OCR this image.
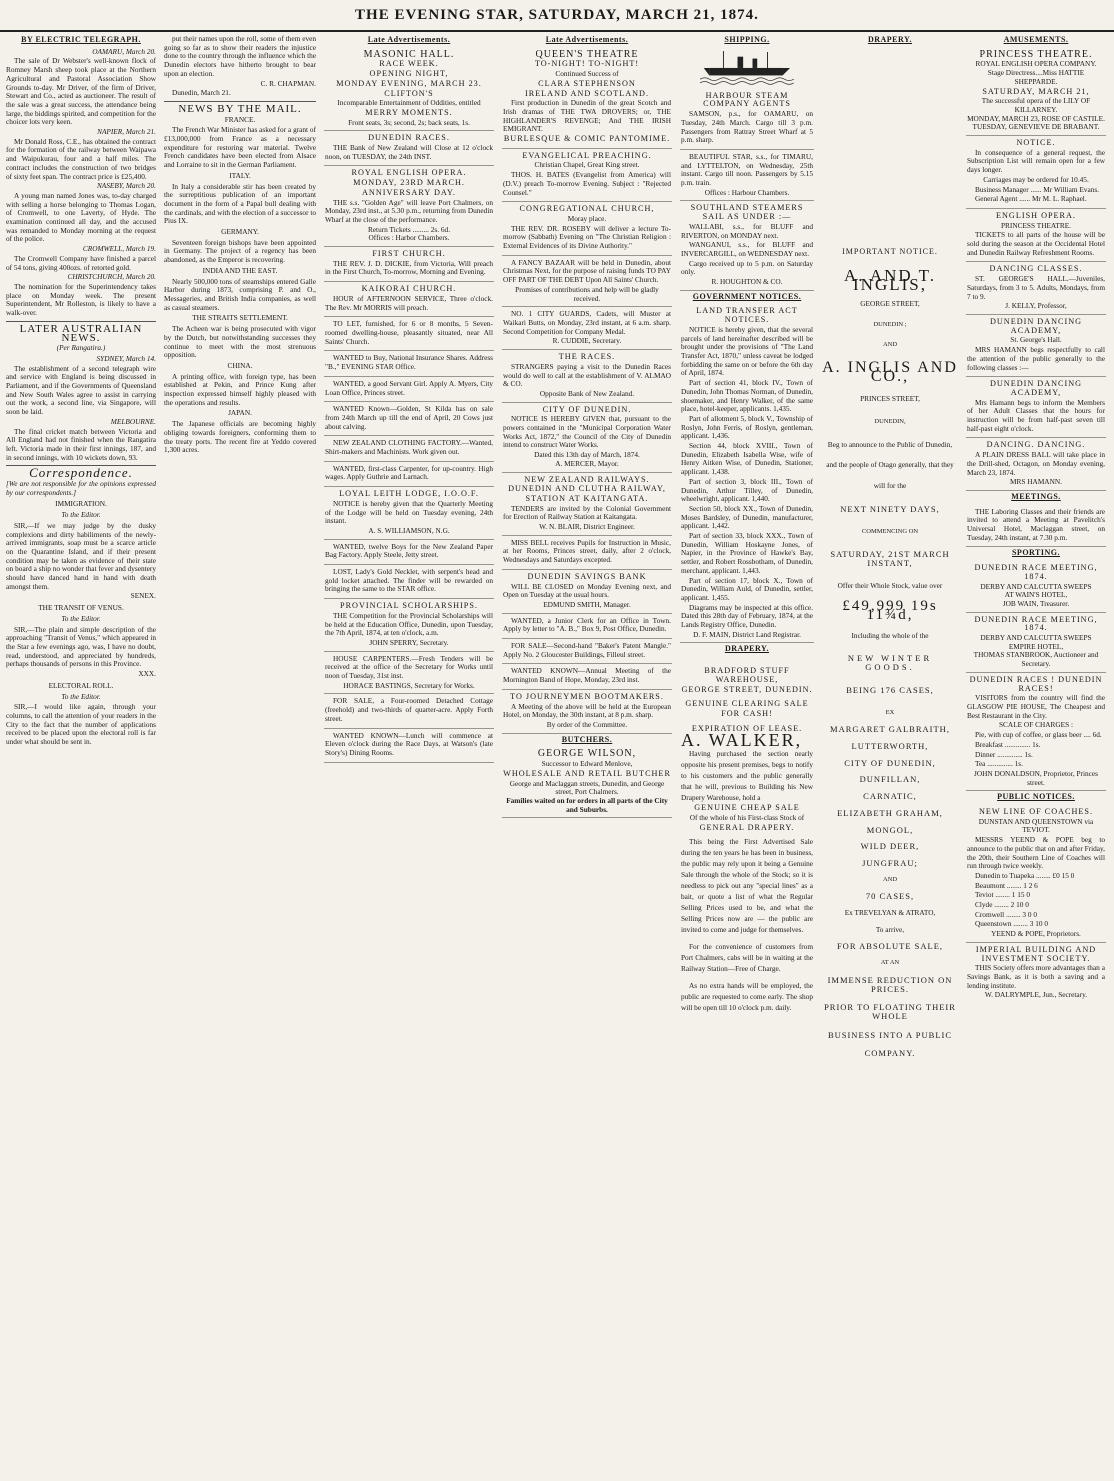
THE EVENING STAR, SATURDAY, MARCH 21, 1874.
BY ELECTRIC TELEGRAPH.
OAMARU, March 20.
The sale of Dr Webster's well-known flock of Romney Marsh sheep took place at the Northern Agricultural and Pastoral Association Show Grounds to-day. Mr Driver, of the firm of Driver, Stewart and Co., acted as auctioneer. The result of the sale was a great success, the attendance being large, the biddings spirited, and competition for the choicer lots very keen.
NAPIER, March 21.
Mr Donald Ross, C.E., has obtained the contract for the formation of the railway between Waipawa and Waipukurau, four and a half miles. The contract includes the construction of two bridges of sixty feet span. The contract price is £25,400.
NASEBY, March 20.
A young man named Jones was, to-day charged with selling a horse belonging to Thomas Logan, of Cromwell, to one Laverty, of Hyde. The examination continued all day, and the accused was remanded to Monday morning at the request of the police.
CROMWELL, March 19.
The Cromwell Company have finished a parcel of 54 tons, giving 400ozs. of retorted gold.
CHRISTCHURCH, March 20.
The nomination for the Superintendency takes place on Monday week. The present Superintendent, Mr Rolleston, is likely to have a walk-over.
LATER AUSTRALIAN NEWS.
(Per Rangatira.)
SYDNEY, March 14.
The establishment of a second telegraph wire and service with England is being discussed in Parliament, and if the Governments of Queensland and New South Wales agree to assist in carrying out the work, a second line, via Singapore, will soon be laid.
MELBOURNE.
The final cricket match between Victoria and All England had not finished when the Rangatira left. Victoria made in their first innings, 187, and in second innings, with 10 wickets down, 93.
Correspondence.
[We are not responsible for the opinions expressed by our correspondents.]
IMMIGRATION.
To the Editor.
SIR,—If we may judge by the dusky complexions and dirty habiliments of the newly-arrived immigrants, soap must be a scarce article on the Quarantine Island, and if their present condition may be taken as evidence of their state on board a ship no wonder that fever and dysentery should have danced hand in hand with death amongst them.
SENEX.
THE TRANSIT OF VENUS.
To the Editor.
SIR,—The plain and simple description of the approaching "Transit of Venus," which appeared in the Star a few evenings ago, was, I have no doubt, read, understood, and appreciated by hundreds, perhaps thousands of persons in this Province.
XXX.
ELECTORAL ROLL.
To the Editor.
SIR,—I would like again, through your columns, to call the attention of your readers in the City to the fact that the number of applications received to be placed upon the electoral roll is far under what should be sent in.
put their names upon the roll, some of them even going so far as to show their readers the injustice done to the country through the influence which the Dunedin electors have hitherto brought to bear upon an election.
C. R. CHAPMAN.
Dunedin, March 21.
NEWS BY THE MAIL.
FRANCE.
The French War Minister has asked for a grant of £13,000,000 from France as a necessary expenditure for restoring war material. Twelve French candidates have been elected from Alsace and Lorraine to sit in the German Parliament.
ITALY.
In Italy a considerable stir has been created by the surreptitious publication of an important document in the form of a Papal bull dealing with the cardinals, and with the election of a successor to Pius IX.
GERMANY.
Seventeen foreign bishops have been appointed in Germany. The project of a regency has been abandoned, as the Emperor is recovering.
INDIA AND THE EAST.
Nearly 500,000 tons of steamships entered Galle Harbor during 1873, comprising P. and O., Messageries, and British India companies, as well as casual steamers.
THE STRAITS SETTLEMENT.
The Acheen war is being prosecuted with vigor by the Dutch, but notwithstanding successes they continue to meet with the most strenuous opposition.
CHINA.
A printing office, with foreign type, has been established at Pekin, and Prince Kung after inspection expressed himself highly pleased with the operations and results.
JAPAN.
The Japanese officials are becoming highly obliging towards foreigners, conforming them to the treaty ports. The recent fire at Yeddo covered 1,300 acres.
Late Advertisements.
MASONIC HALL.
RACE WEEK.
OPENING NIGHT,
MONDAY EVENING, MARCH 23.
CLIFTON'S
Incomparable Entertainment of Oddities, entitled
MERRY MOMENTS.
Front seats, 3s; second, 2s; back seats, 1s.
DUNEDIN RACES.
THE Bank of New Zealand will Close at 12 o'clock noon, on TUESDAY, the 24th INST.
ROYAL ENGLISH OPERA.
MONDAY, 23RD MARCH.
ANNIVERSARY DAY.
THE s.s. "Golden Age" will leave Port Chalmers, on Monday, 23rd inst., at 5.30 p.m., returning from Dunedin Wharf at the close of the performance.
Return Tickets ......... 2s. 6d.
Offices : Harbor Chambers.
FIRST CHURCH.
THE REV. J. D. DICKIE, from Victoria, Will preach in the First Church, To-morrow, Morning and Evening.
KAIKORAI CHURCH.
HOUR of AFTERNOON SERVICE, Three o'clock. The Rev. Mr MORRIS will preach.
TO LET, furnished, for 6 or 8 months, 5 Seven-roomed dwelling-house, pleasantly situated, near All Saints' Church.
WANTED to Buy, National Insurance Shares. Address "B.," EVENING STAR Office.
WANTED, a good Servant Girl. Apply A. Myers, City Loan Office, Princes street.
WANTED Known—Golden, St Kilda has on sale from 24th March up till the end of April, 20 Cows just about calving.
NEW ZEALAND CLOTHING FACTORY.—Wanted, Shirt-makers and Machinists. Work given out.
WANTED, first-class Carpenter, for up-country. High wages. Apply Guthrie and Larnach.
LOYAL LEITH LODGE, I.O.O.F.
NOTICE is hereby given that the Quarterly Meeting of the Lodge will be held on Tuesday evening, 24th instant.
A. S. WILLIAMSON, N.G.
WANTED, twelve Boys for the New Zealand Paper Bag Factory. Apply Steele, Jetty street.
LOST, Lady's Gold Necklet, with serpent's head and gold locket attached. The finder will be rewarded on bringing the same to the STAR office.
PROVINCIAL SCHOLARSHIPS.
THE Competition for the Provincial Scholarships will be held at the Education Office, Dunedin, upon Tuesday, the 7th April, 1874, at ten o'clock, a.m.
JOHN SPERRY, Secretary.
HOUSE CARPENTERS.—Fresh Tenders will be received at the office of the Secretary for Works until noon of Tuesday, 31st inst.
HORACE BASTINGS, Secretary for Works.
FOR SALE, a Four-roomed Detached Cottage (freehold) and two-thirds of quarter-acre. Apply Forth street.
WANTED KNOWN—Lunch will commence at Eleven o'clock during the Race Days, at Watson's (late Story's) Dining Rooms.
Late Advertisements.
QUEEN'S THEATRE
TO-NIGHT! TO-NIGHT!
Continued Success of
CLARA STEPHENSON
IRELAND AND SCOTLAND.
First production in Dunedin of the great Scotch and Irish dramas of THE TWA DROVERS; or, THE HIGHLANDER'S REVENGE; And THE IRISH EMIGRANT.
BURLESQUE & COMIC PANTOMIME.
EVANGELICAL PREACHING.
Christian Chapel, Great King street.
THOS. H. BATES (Evangelist from America) will (D.V.) preach To-morrow Evening. Subject : "Rejected Counsel."
CONGREGATIONAL CHURCH,
Moray place.
THE REV. DR. ROSEBY will deliver a lecture To-morrow (Sabbath) Evening on "The Christian Religion : External Evidences of its Divine Authority."
A FANCY BAZAAR will be held in Dunedin, about Christmas Next, for the purpose of raising funds TO PAY OFF PART OF THE DEBT Upon All Saints' Church.
Promises of contributions and help will be gladly received.
NO. 1 CITY GUARDS, Cadets, will Muster at Waikari Butts, on Monday, 23rd instant, at 6 a.m. sharp. Second Competition for Company Medal.
R. CUDDIE, Secretary.
THE RACES.
STRANGERS paying a visit to the Dunedin Races would do well to call at the establishment of V. ALMAO & CO.
Opposite Bank of New Zealand.
CITY OF DUNEDIN.
NOTICE IS HEREBY GIVEN that, pursuant to the powers contained in the "Municipal Corporation Water Works Act, 1872," the Council of the City of Dunedin intend to construct Water Works.
Dated this 13th day of March, 1874.
A. MERCER, Mayor.
NEW ZEALAND RAILWAYS.
DUNEDIN AND CLUTHA RAILWAY,
STATION AT KAITANGATA.
TENDERS are invited by the Colonial Government for Erection of Railway Station at Kaitangata.
W. N. BLAIR, District Engineer.
MISS BELL receives Pupils for Instruction in Music, at her Rooms, Princes street, daily, after 2 o'clock, Wednesdays and Saturdays excepted.
DUNEDIN SAVINGS BANK
WILL BE CLOSED on Monday Evening next, and Open on Tuesday at the usual hours.
EDMUND SMITH, Manager.
WANTED, a Junior Clerk for an Office in Town. Apply by letter to "A. B.," Box 9, Post Office, Dunedin.
FOR SALE—Second-hand "Baker's Patent Mangle." Apply No. 2 Gloucester Buildings, Filleul street.
WANTED KNOWN—Annual Meeting of the Mornington Band of Hope, Monday, 23rd inst.
TO JOURNEYMEN BOOTMAKERS.
A Meeting of the above will be held at the European Hotel, on Monday, the 30th instant, at 8 p.m. sharp.
By order of the Committee.
BUTCHERS.
GEORGE WILSON,
Successor to Edward Menlove,
WHOLESALE AND RETAIL BUTCHER
George and Maclaggan streets, Dunedin, and George street, Port Chalmers.
Families waited on for orders in all parts of the City and Suburbs.
SHIPPING.
HARBOUR STEAM COMPANY AGENTS
SAMSON, p.s., for OAMARU, on Tuesday, 24th March. Cargo till 3 p.m. Passengers from Rattray Street Wharf at 5 p.m. sharp.
BEAUTIFUL STAR, s.s., for TIMARU, and LYTTELTON, on Wednesday, 25th instant. Cargo till noon. Passengers by 5.15 p.m. train.
Offices : Harbour Chambers.
SOUTHLAND STEAMERS SAIL AS UNDER :—
WALLABI, s.s., for BLUFF and RIVERTON, on MONDAY next.
WANGANUI, s.s., for BLUFF and INVERCARGILL, on WEDNESDAY next.
Cargo received up to 5 p.m. on Saturday only.
R. HOUGHTON & CO.
GOVERNMENT NOTICES.
LAND TRANSFER ACT NOTICES.
NOTICE is hereby given, that the several parcels of land hereinafter described will be brought under the provisions of "The Land Transfer Act, 1870," unless caveat be lodged forbidding the same on or before the 6th day of April, 1874.
Part of section 41, block IV., Town of Dunedin, John Thomas Norman, of Dunedin, shoemaker, and Henry Walker, of the same place, hotel-keeper, applicants. 1,435.
Part of allotment 5, block V., Township of Roslyn, John Ferris, of Roslyn, gentleman, applicant. 1,436.
Section 44, block XVIII., Town of Dunedin, Elizabeth Isabella Wise, wife of Henry Aitken Wise, of Dunedin, Stationer, applicant. 1,438.
Part of section 3, block III., Town of Dunedin, Arthur Tilley, of Dunedin, wheelwright, applicant. 1,440.
Section 50, block XX., Town of Dunedin, Moses Bardsley, of Dunedin, manufacturer, applicant. 1,442.
Part of section 33, block XXX., Town of Dunedin, William Hoskayne Jones, of Napier, in the Province of Hawke's Bay, settler, and Robert Rossbotham, of Dunedin, merchant, applicant. 1,443.
Part of section 17, block X., Town of Dunedin, William Auld, of Dunedin, settler, applicant. 1,455.
Diagrams may be inspected at this office. Dated this 28th day of February, 1874, at the Lands Registry Office, Dunedin.
D. F. MAIN, District Land Registrar.
DRAPERY.
BRADFORD STUFF WAREHOUSE,
GEORGE STREET, DUNEDIN.
GENUINE CLEARING SALE
FOR CASH!
EXPIRATION OF LEASE.
A. WALKER,
Having purchased the section nearly opposite his present premises, begs to notify to his customers and the public generally that he will, previous to Building his New Drapery Warehouse, hold a
GENUINE CHEAP SALE
Of the whole of his First-class Stock of
GENERAL DRAPERY.
This being the First Advertised Sale during the ten years he has been in business, the public may rely upon it being a Genuine Sale through the whole of the Stock; so it is needless to pick out any "special lines" as a bait, or quote a list of what the Regular Selling Prices used to be, and what the Selling Prices now are — the public are invited to come and judge for themselves.
For the convenience of customers from Port Chalmers, cabs will be in waiting at the Railway Station—Free of Charge.
As no extra hands will be employed, the public are requested to come early. The shop will be open till 10 o'clock p.m. daily.
DRAPERY.
IMPORTANT NOTICE.
A. AND T. INGLIS,
GEORGE STREET,
DUNEDIN ;
AND
A. INGLIS AND CO.,
PRINCES STREET,
DUNEDIN,
Beg to announce to the Public of Dunedin,
and the people of Otago generally, that they
will for the
NEXT NINETY DAYS,
COMMENCING ON
SATURDAY, 21ST MARCH INSTANT,
Offer their Whole Stock, value over
£49,999 19s 11¾d,
Including the whole of the
NEW WINTER GOODS.
BEING 176 CASES,
EX
MARGARET GALBRAITH,
LUTTERWORTH,
CITY OF DUNEDIN,
DUNFILLAN,
CARNATIC,
ELIZABETH GRAHAM,
MONGOL,
WILD DEER,
JUNGFRAU;
AND
70 CASES,
Ex TREVELYAN & ATRATO,
To arrive,
FOR ABSOLUTE SALE,
AT AN
IMMENSE REDUCTION ON PRICES.
PRIOR TO FLOATING THEIR WHOLE
BUSINESS INTO A PUBLIC
COMPANY.
AMUSEMENTS.
PRINCESS THEATRE.
ROYAL ENGLISH OPERA COMPANY.
Stage Directress....Miss HATTIE SHEPPARDE.
SATURDAY, MARCH 21,
The successful opera of the LILY OF KILLARNEY.
MONDAY, MARCH 23, ROSE OF CASTILE.
TUESDAY, GENEVIEVE DE BRABANT.
NOTICE.
In consequence of a general request, the Subscription List will remain open for a few days longer.
Carriages may be ordered for 10.45.
Business Manager ...... Mr William Evans.
General Agent ...... Mr M. L. Raphael.
ENGLISH OPERA.
PRINCESS THEATRE.
TICKETS to all parts of the house will be sold during the season at the Occidental Hotel and Dunedin Railway Refreshment Rooms.
DANCING CLASSES.
ST. GEORGE'S HALL.—Juveniles, Saturdays, from 3 to 5. Adults, Mondays, from 7 to 9.
J. KELLY, Professor,
DUNEDIN DANCING ACADEMY,
St. George's Hall.
MRS HAMANN begs respectfully to call the attention of the public generally to the following classes :—
DUNEDIN DANCING ACADEMY,
Mrs Hamann begs to inform the Members of her Adult Classes that the hours for instruction will be from half-past seven till half-past eight o'clock.
DANCING. DANCING.
A PLAIN DRESS BALL will take place in the Drill-shed, Octagon, on Monday evening, March 23, 1874.
MRS HAMANN.
MEETINGS.
THE Laboring Classes and their friends are invited to attend a Meeting at Pavelitch's Universal Hotel, Maclaggan street, on Tuesday, 24th instant, at 7.30 p.m.
SPORTING.
DUNEDIN RACE MEETING, 1874.
DERBY AND CALCUTTA SWEEPS
AT WAIN'S HOTEL,
JOB WAIN, Treasurer.
DUNEDIN RACE MEETING, 1874.
DERBY AND CALCUTTA SWEEPS
EMPIRE HOTEL,
THOMAS STANBROOK, Auctioneer and Secretary.
DUNEDIN RACES ! DUNEDIN RACES!
VISITORS from the country will find the GLASGOW PIE HOUSE, The Cheapest and Best Restaurant in the City.
SCALE OF CHARGES :
Pie, with cup of coffee, or glass beer .... 6d.
Breakfast .............. 1s.
Dinner .............. 1s.
Tea .............. 1s.
JOHN DONALDSON, Proprietor, Princes street.
PUBLIC NOTICES.
NEW LINE OF COACHES.
DUNSTAN AND QUEENSTOWN via TEVIOT.
MESSRS YEEND & POPE beg to announce to the public that on and after Friday, the 20th, their Southern Line of Coaches will run through twice weekly.
Dunedin to Tuapeka ........ £0 15 0
Beaumont ........ 1 2 6
Teviot ........ 1 15 0
Clyde ........ 2 10 0
Cromwell ........ 3 0 0
Queenstown ........ 3 10 0
YEEND & POPE, Proprietors.
IMPERIAL BUILDING AND INVESTMENT SOCIETY.
THIS Society offers more advantages than a Savings Bank, as it is both a saving and a lending institute.
W. DALRYMPLE, Jun., Secretary.
